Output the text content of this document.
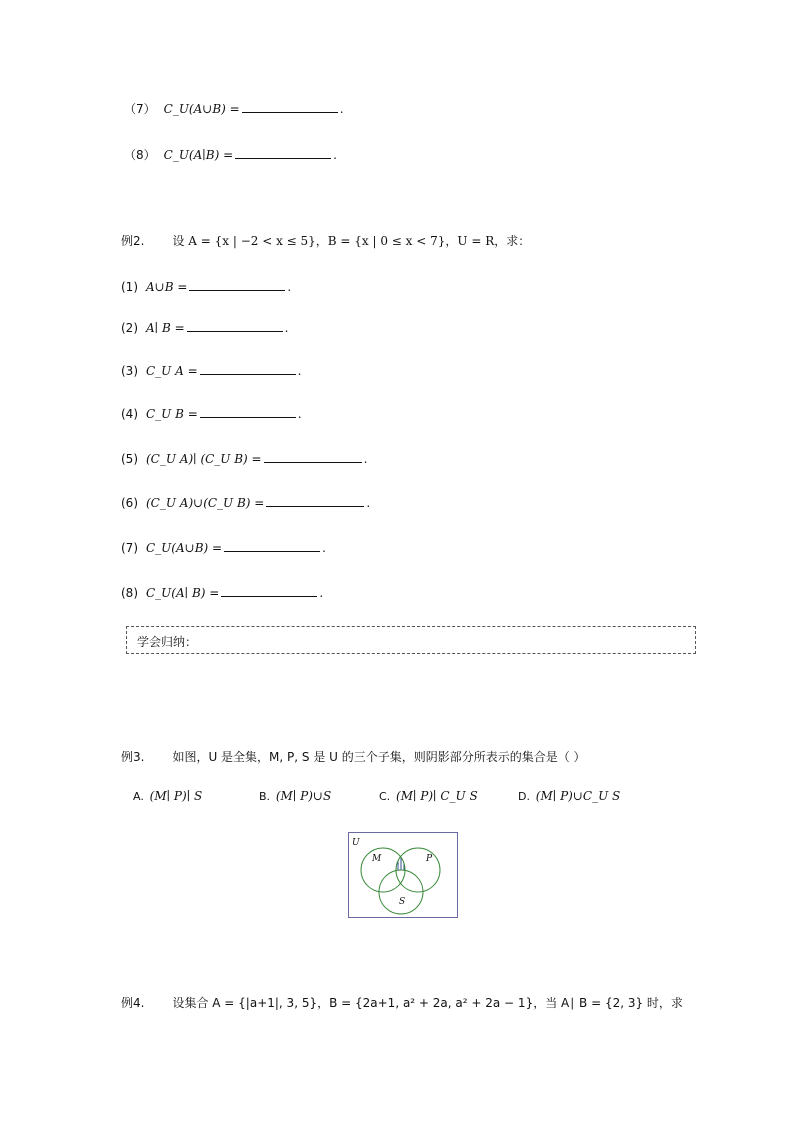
（7） C_U(A∪B) =	.
（8） C_U(A∣B) =	.
例2. 设 A = {x | −2 < x ≤ 5}，B = {x | 0 ≤ x < 7}，U = R，求：
(1) A∪B =	.
(2) A∣ B =	.
(3) C_U A =	.
(4) C_U B =	.
(5) (C_U A)∣ (C_U B) =	.
(6) (C_U A)∪(C_U B) =	.
(7) C_U(A∪B) =	.
(8) C_U(A∣ B) =	.
学会归纳：
例3. 如图，U 是全集，M, P, S 是 U 的三个子集，则阴影部分所表示的集合是（ ）
A. (M∣ P)∣ S	B. (M∣ P)∪S	C. (M∣ P)∣ C_U S	D. (M∣ P)∪C_U S
U
M	P
S
例4. 设集合 A = {|a+1|, 3, 5}，B = {2a+1, a² + 2a, a² + 2a − 1}，当 A∣ B = {2, 3} 时，求
